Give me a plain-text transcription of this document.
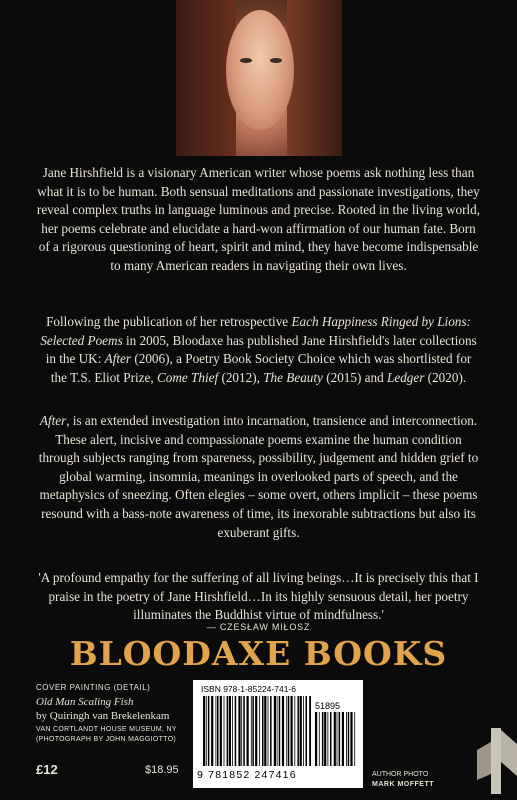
Jane Hirshfield is a visionary American writer whose poems ask nothing less than what it is to be human. Both sensual meditations and passionate investigations, they reveal complex truths in language luminous and precise. Rooted in the living world, her poems celebrate and elucidate a hard-won affirmation of our human fate. Born of a rigorous questioning of heart, spirit and mind, they have become indispensable to many American readers in navigating their own lives.

Following the publication of her retrospective Each Happiness Ringed by Lions: Selected Poems in 2005, Bloodaxe has published Jane Hirshfield's later collections in the UK: After (2006), a Poetry Book Society Choice which was shortlisted for the T.S. Eliot Prize, Come Thief (2012), The Beauty (2015) and Ledger (2020).

After, is an extended investigation into incarnation, transience and interconnection. These alert, incisive and compassionate poems examine the human condition through subjects ranging from spareness, possibility, judgement and hidden grief to global warming, insomnia, meanings in overlooked parts of speech, and the metaphysics of sneezing. Often elegies – some overt, others implicit – these poems resound with a bass-note awareness of time, its inexorable subtractions but also its exuberant gifts.

'A profound empathy for the suffering of all living beings…It is precisely this that I praise in the poetry of Jane Hirshfield…In its highly sensuous detail, her poetry illuminates the Buddhist virtue of mindfulness.'

— CZESŁAW MIŁOSZ
BLOODAXE BOOKS
COVER PAINTING (DETAIL)
Old Man Scaling Fish
by Quiringh van Brekelenkam
VAN CORTLANDT HOUSE MUSEUM, NY
(PHOTOGRAPH BY JOHN MAGGIOTTO)
£12	$18.95
ISBN 978-1-85224-741-6
51895
9 781852 247416	AUTHOR PHOTO
MARK MOFFETT
